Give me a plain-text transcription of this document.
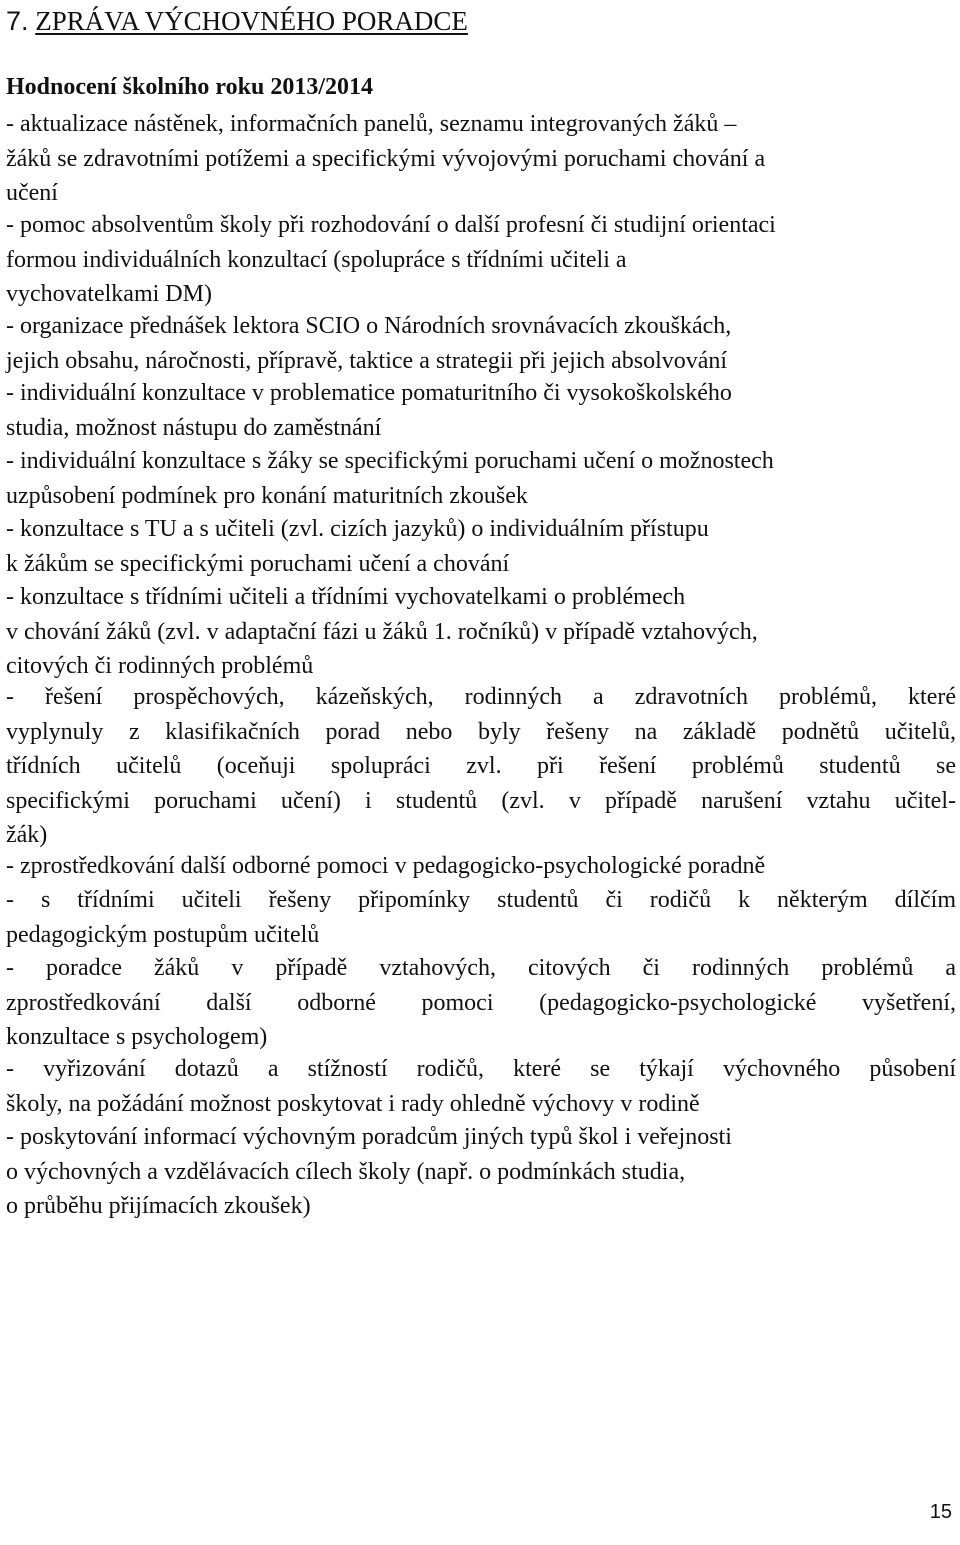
7. ZPRÁVA VÝCHOVNÉHO PORADCE
Hodnocení školního roku 2013/2014

- aktualizace nástěnek, informačních panelů, seznamu integrovaných žáků –
žáků se zdravotními potížemi a specifickými vývojovými poruchami chování a
učení

- pomoc absolventům školy při rozhodování o další profesní či studijní orientaci
formou individuálních konzultací (spolupráce s třídními učiteli a
vychovatelkami DM)

- organizace přednášek lektora SCIO o Národních srovnávacích zkouškách,
jejich obsahu, náročnosti, přípravě, taktice a strategii při jejich absolvování

- individuální konzultace v problematice pomaturitního či vysokoškolského
studia, možnost nástupu do zaměstnání

- individuální konzultace s žáky se specifickými poruchami učení o možnostech
uzpůsobení podmínek pro konání maturitních zkoušek

- konzultace s TU a s učiteli (zvl. cizích jazyků) o individuálním přístupu
k žákům se specifickými poruchami učení a chování

- konzultace s třídními učiteli a třídními vychovatelkami o problémech
v chování žáků (zvl. v adaptační fázi u žáků 1. ročníků) v případě vztahových,
citových či rodinných problémů

- řešení prospěchových, kázeňských, rodinných a zdravotních problémů, které
vyplynuly z klasifikačních porad nebo byly řešeny na základě podnětů učitelů,
třídních učitelů (oceňuji spolupráci zvl. při řešení problémů studentů se
specifickými poruchami učení) i studentů (zvl. v případě narušení vztahu učitel-
žák)

- zprostředkování další odborné pomoci v pedagogicko-psychologické poradně

- s třídními učiteli řešeny připomínky studentů či rodičů k některým dílčím
pedagogickým postupům učitelů

- poradce žáků v případě vztahových, citových či rodinných problémů a
zprostředkování další odborné pomoci (pedagogicko-psychologické vyšetření,
konzultace s psychologem)

- vyřizování dotazů a stížností rodičů, které se týkají výchovného působení
školy, na požádání možnost poskytovat i rady ohledně výchovy v rodině

- poskytování informací výchovným poradcům jiných typů škol i veřejnosti
o výchovných a vzdělávacích cílech školy (např. o podmínkách studia,
o průběhu přijímacích zkoušek)

15
